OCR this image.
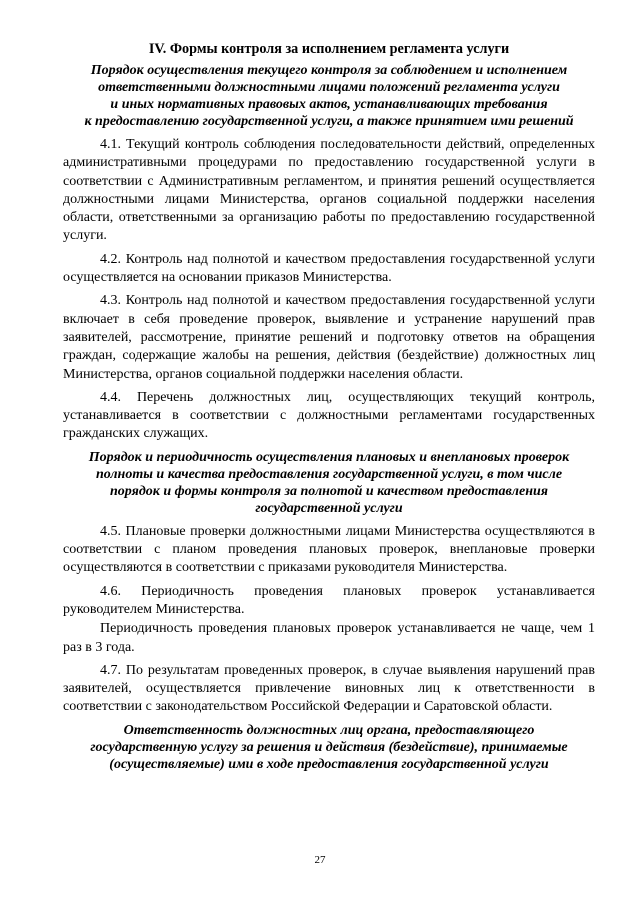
IV. Формы контроля за исполнением регламента услуги
Порядок осуществления текущего контроля за соблюдением и исполнением
ответственными должностными лицами положений регламента услуги
и иных нормативных правовых актов, устанавливающих требования
к предоставлению государственной услуги, а также принятием ими решений

4.1. Текущий контроль соблюдения последовательности действий, определенных административными процедурами по предоставлению государственной услуги в соответствии с Административным регламентом, и принятия решений осуществляется должностными лицами Министерства, органов социальной поддержки населения области, ответственными за организацию работы по предоставлению государственной услуги.

4.2. Контроль над полнотой и качеством предоставления государственной услуги осуществляется на основании приказов Министерства.

4.3. Контроль над полнотой и качеством предоставления государственной услуги включает в себя проведение проверок, выявление и устранение нарушений прав заявителей, рассмотрение, принятие решений и подготовку ответов на обращения граждан, содержащие жалобы на решения, действия (бездействие) должностных лиц Министерства, органов социальной поддержки населения области.

4.4. Перечень должностных лиц, осуществляющих текущий контроль, устанавливается в соответствии с должностными регламентами государственных гражданских служащих.

Порядок и периодичность осуществления плановых и внеплановых проверок
полноты и качества предоставления государственной услуги, в том числе
порядок и формы контроля за полнотой и качеством предоставления
государственной услуги

4.5. Плановые проверки должностными лицами Министерства осуществляются в соответствии с планом проведения плановых проверок, внеплановые проверки осуществляются в соответствии с приказами руководителя Министерства.

4.6. Периодичность проведения плановых проверок устанавливается руководителем Министерства.

Периодичность проведения плановых проверок устанавливается не чаще, чем 1 раз в 3 года.

4.7. По результатам проведенных проверок, в случае выявления нарушений прав заявителей, осуществляется привлечение виновных лиц к ответственности в соответствии с законодательством Российской Федерации и Саратовской области.

Ответственность должностных лиц органа, предоставляющего
государственную услугу за решения и действия (бездействие), принимаемые
(осуществляемые) ими в ходе предоставления государственной услуги
27
